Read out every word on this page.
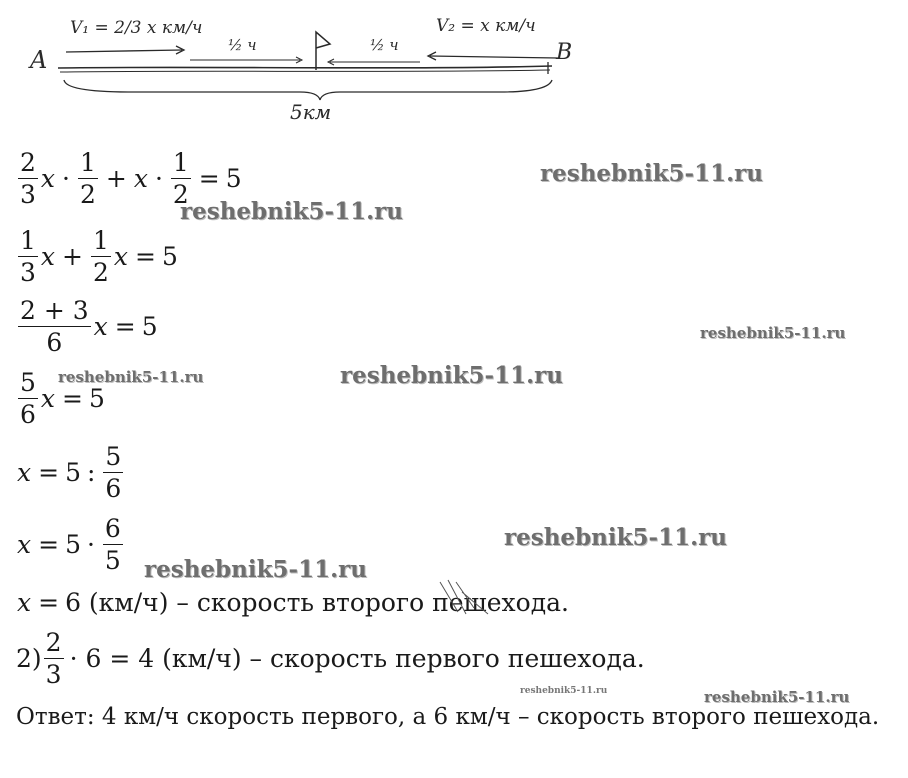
A	B
V₁ = 2/3 x км/ч	V₂ = x км/ч
½ ч	½ ч
5км
$\frac{2}{3}$ $x \cdot \frac{1}{2} + x \cdot \frac{1}{2} = 5$
$\frac{1}{3}$ $x + \frac{1}{2}$ x = 5
$\frac{2 + 3}{6}$ x = 5
$\frac{5}{6}$ x = 5
x = 5 : $\frac{5}{6}$
$x = 5 \cdot \frac{6}{5}$
x = 6 (км/ч) – скорость второго пешехода.
$2) \frac{2}{3} \cdot 6 = 4$ (км/ч) – скорость первого пешехода.
Ответ: 4 км/ч скорость первого, а 6 км/ч – скорость второго пешехода.
reshebnik5-11.ru
reshebnik5-11.ru
reshebnik5-11.ru
reshebnik5-11.ru	reshebnik5-11.ru
reshebnik5-11.ru
reshebnik5-11.ru
reshebnik5-11.ru	reshebnik5-11.ru
